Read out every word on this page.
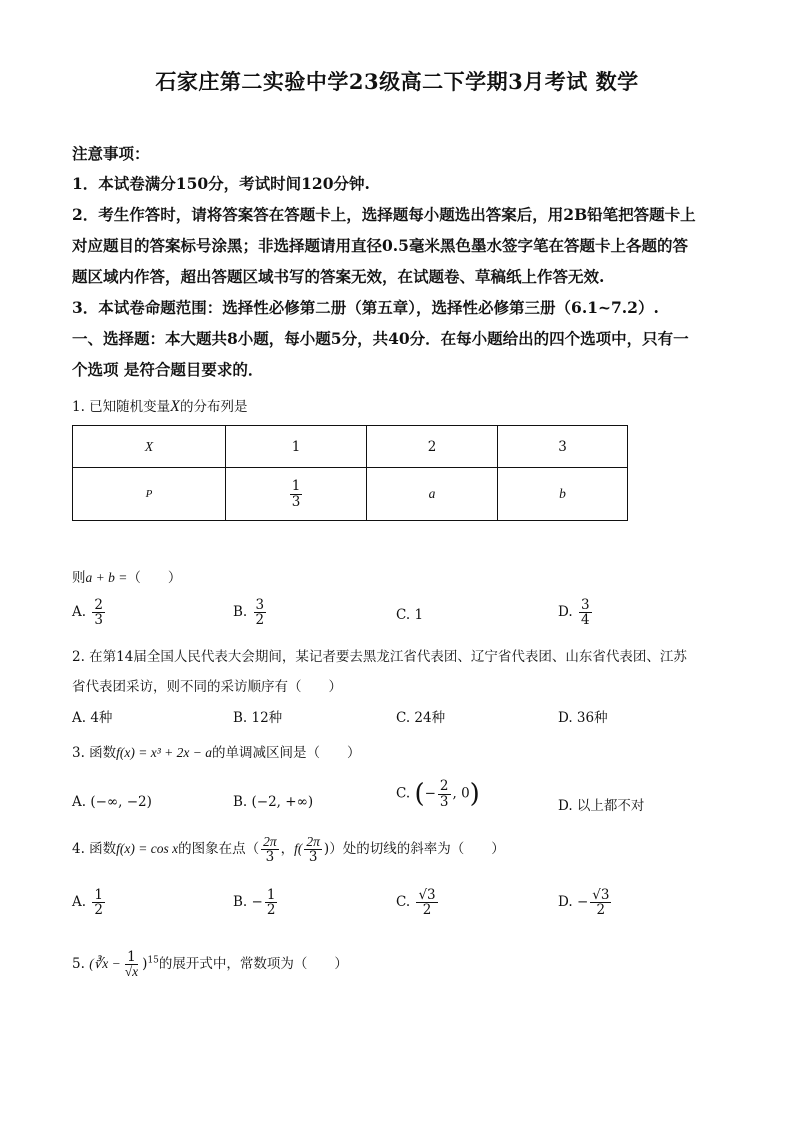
石家庄第二实验中学23级高二下学期3月考试 数学
注意事项：
1．本试卷满分150分，考试时间120分钟.
2．考生作答时，请将答案答在答题卡上，选择题每小题选出答案后，用2B铅笔把答题卡上
对应题目的答案标号涂黑；非选择题请用直径0.5毫米黑色墨水签字笔在答题卡上各题的答
题区域内作答，超出答题区域书写的答案无效，在试题卷、草稿纸上作答无效.
3．本试卷命题范围：选择性必修第二册（第五章），选择性必修第三册（6.1~7.2）.
一、选择题：本大题共8小题，每小题5分，共40分．在每小题给出的四个选项中，只有一
个选项 是符合题目要求的．
1. 已知随机变量X的分布列是
X	1	2	3
P	$\frac{1}{3}$	a	b
则a + b =（　　）
A. $\frac{2}{3}$	B. $\frac{3}{2}$	C. 1	D. $\frac{3}{4}$
2. 在第14届全国人民代表大会期间，某记者要去黑龙江省代表团、辽宁省代表团、山东省代表团、江苏
省代表团采访，则不同的采访顺序有（　　）
A. 4种	B. 12种	C. 24种	D. 36种
3. 函数f(x) = x³ + 2x − a的单调减区间是（　　）
A. (−∞, −2)	B. (−2, +∞)
C. (− $\frac{2}{3}$ , 0)	D. 以上都不对
4. 函数f(x) = cos x的图象在点（ $\frac{2\pi}{3}$ ，$f( \frac{2\pi}{3}$ )）处的切线的斜率为（　　）
A. $\frac{1}{2}$	B. − $\frac{1}{2}$	C. $\frac{√3}{2}$	D. − $\frac{√3}{2}$
5. (∛x − $\frac{1}{√x} )^{15}$的展开式中，常数项为（　　）
